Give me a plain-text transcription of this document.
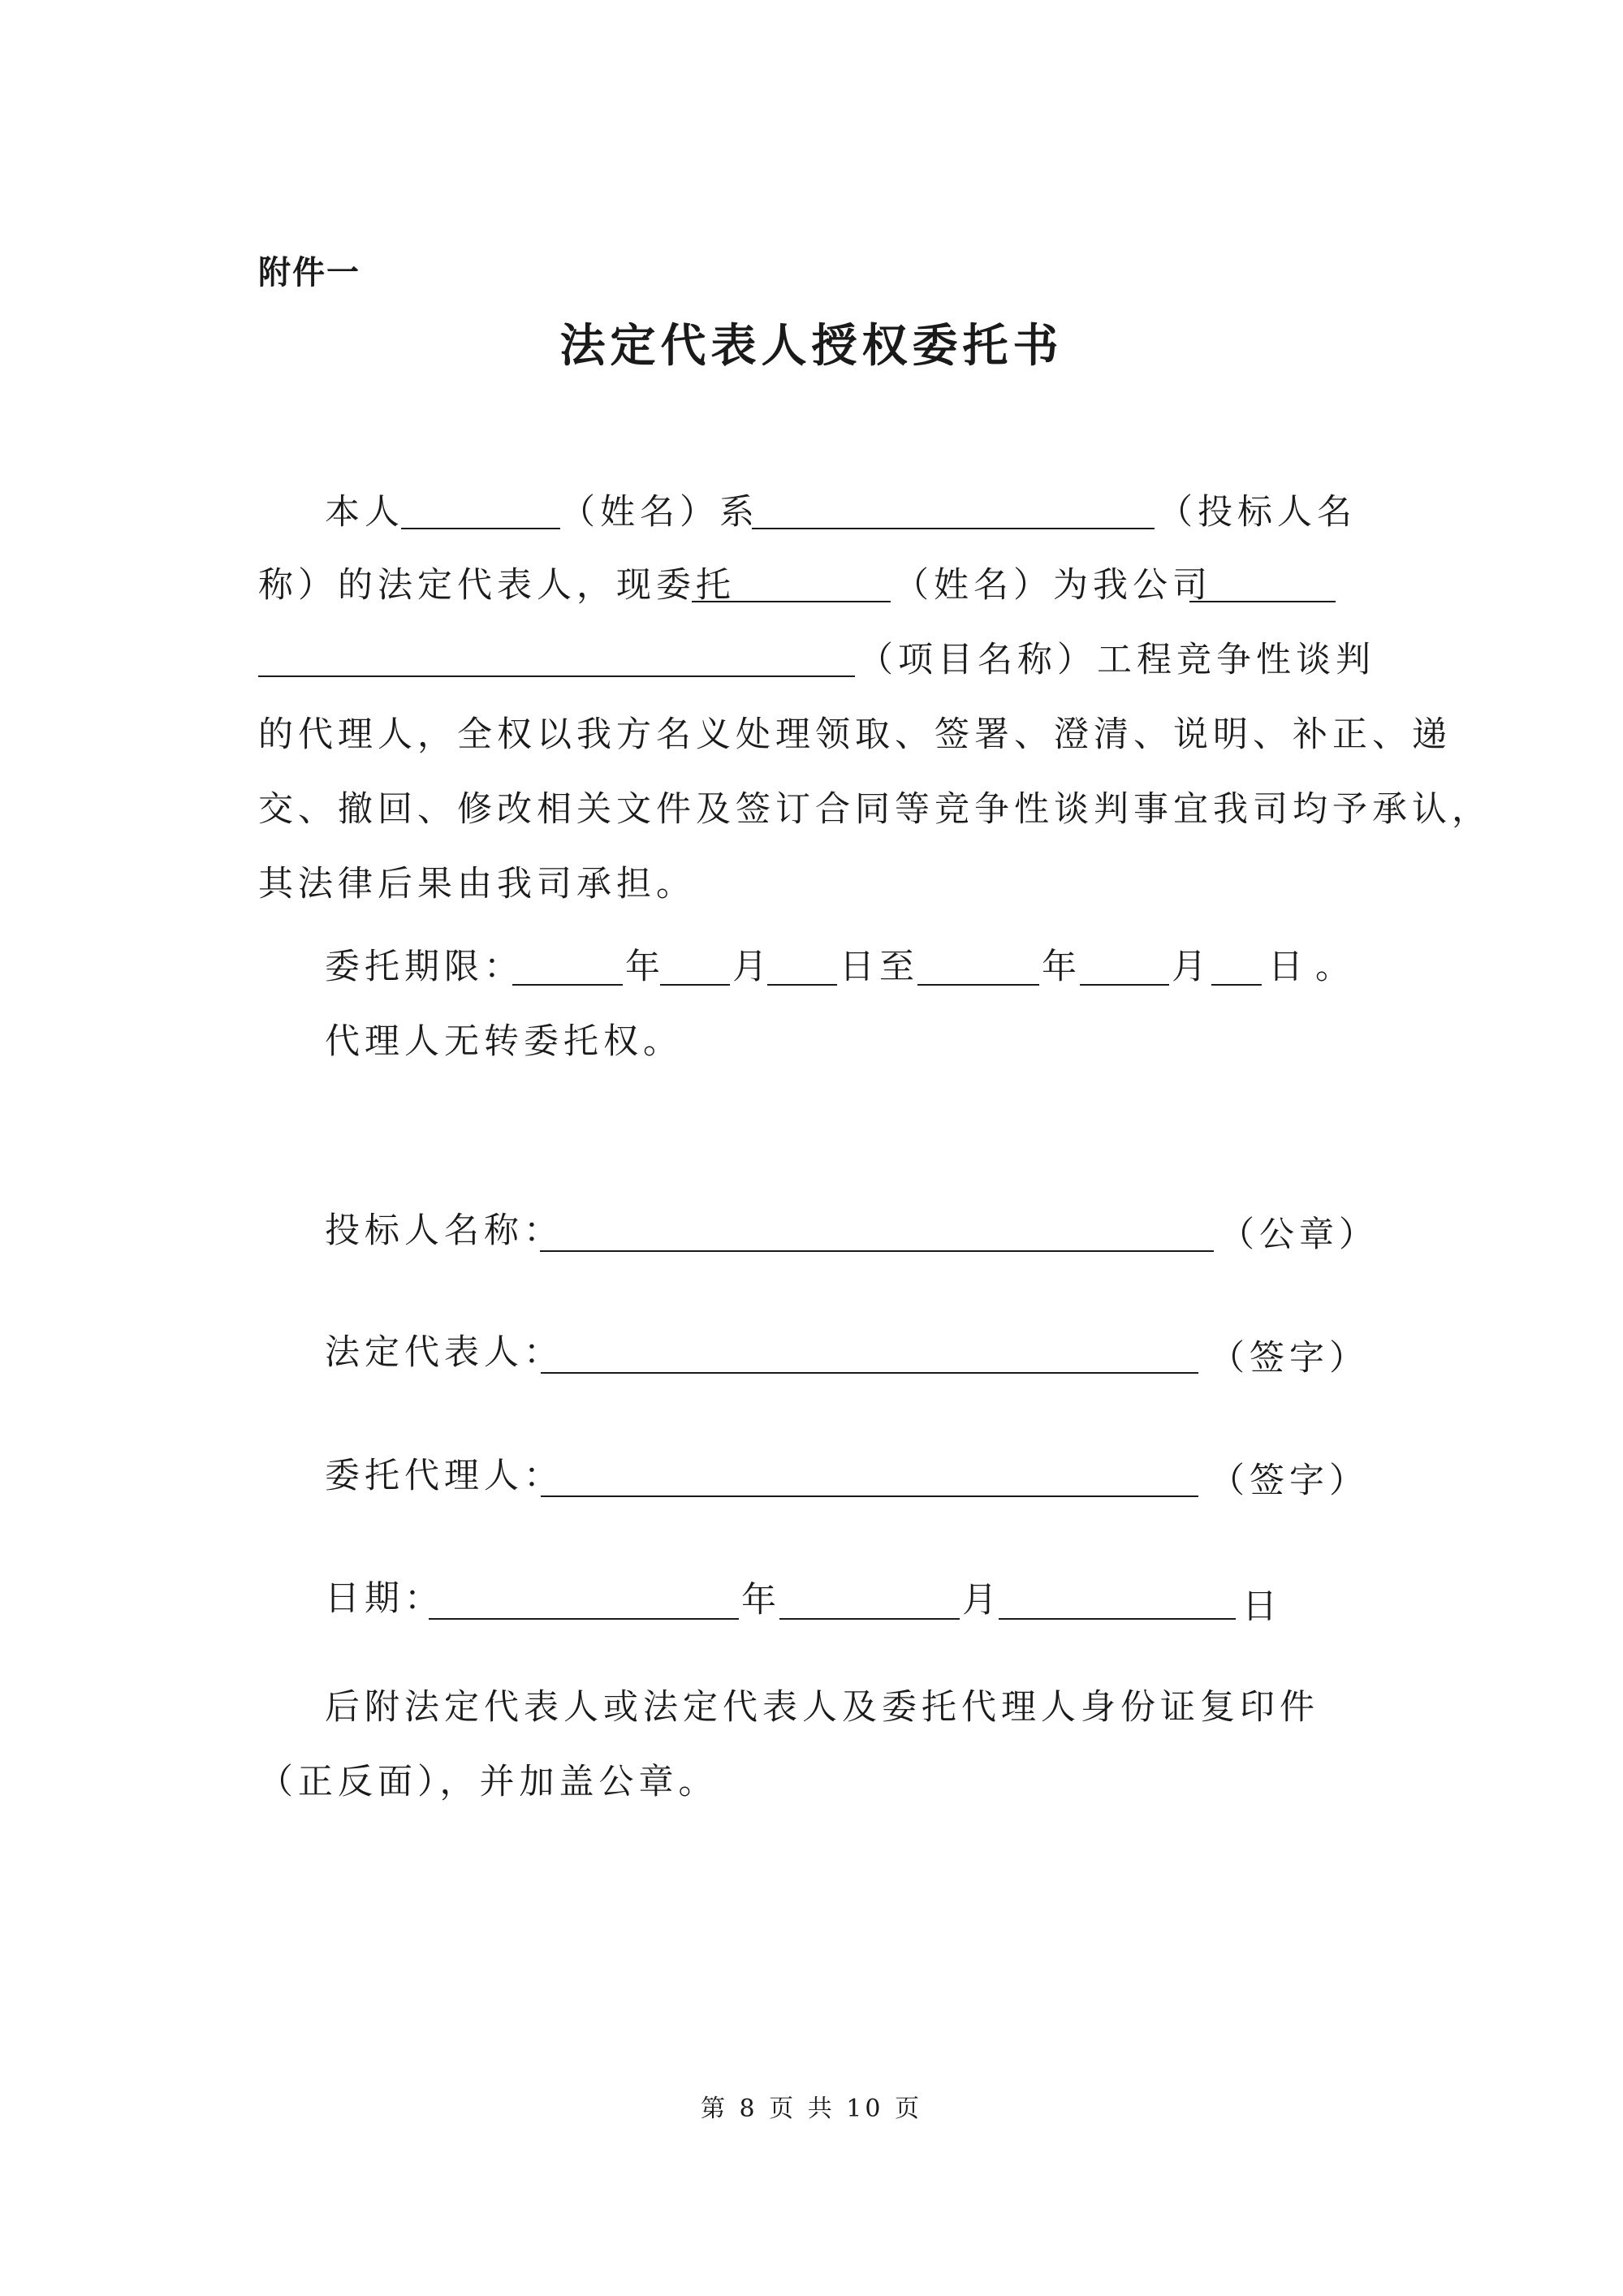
附件一
法定代表人授权委托书
本人	（姓名）系	（投标人名
称）的法定代表人，现委托	（姓名）为我公司
（项目名称）工程竞争性谈判
的代理人，全权以我方名义处理领取、签署、澄清、说明、补正、递
交、撤回、修改相关文件及签订合同等竞争性谈判事宜我司均予承认，
其法律后果由我司承担。
委托期限：	年 月 日至	年	月 日 。
代理人无转委托权。
投标人名称：	（公章）
法定代表人：	（签字）
委托代理人：	（签字）
日期：	年	月	日
后附法定代表人或法定代表人及委托代理人身份证复印件
（正反面），并加盖公章。
第 8 页 共 10 页
